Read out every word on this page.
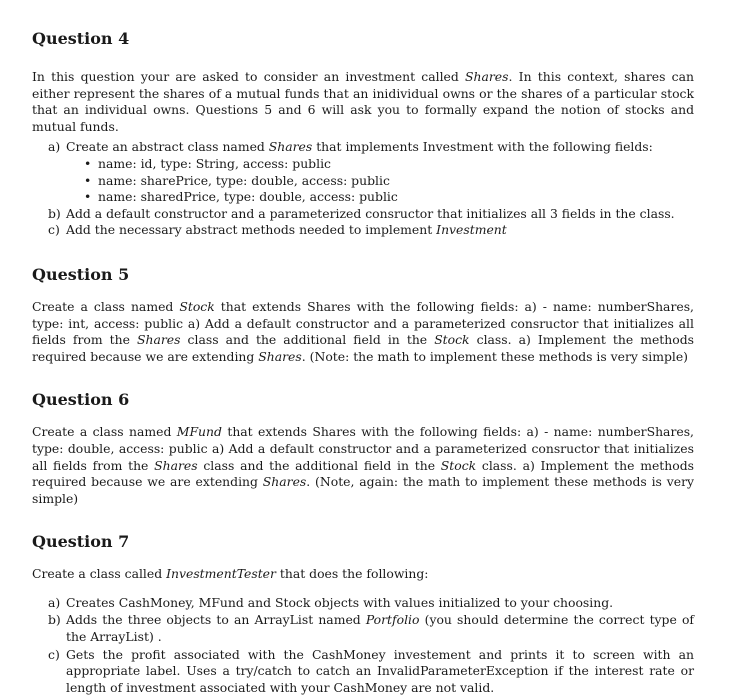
Question 4

In this question your are asked to consider an investment called Shares. In this context, shares can either represent the shares of a mutual funds that an inidividual owns or the shares of a particular stock that an individual owns. Questions 5 and 6 will ask you to formally expand the notion of stocks and mutual funds.

a) Create an abstract class named Shares that implements Investment with the following fields:
• name: id, type: String, access: public
• name: sharePrice, type: double, access: public
• name: sharedPrice, type: double, access: public
b) Add a default constructor and a parameterized consructor that initializes all 3 fields in the class.
c) Add the necessary abstract methods needed to implement Investment
Question 5

Create a class named Stock that extends Shares with the following fields: a) - name: numberShares, type: int, access: public a) Add a default constructor and a parameterized consructor that initializes all fields from the Shares class and the additional field in the Stock class. a) Implement the methods required because we are extending Shares. (Note: the math to implement these methods is very simple)

Question 6

Create a class named MFund that extends Shares with the following fields: a) - name: numberShares, type: double, access: public a) Add a default constructor and a parameterized consructor that initializes all fields from the Shares class and the additional field in the Stock class. a) Implement the methods required because we are extending Shares. (Note, again: the math to implement these methods is very simple)

Question 7

Create a class called InvestmentTester that does the following:

a) Creates CashMoney, MFund and Stock objects with values initialized to your choosing.
b) Adds the three objects to an ArrayList named Portfolio (you should determine the correct type of the ArrayList) .
c) Gets the profit associated with the CashMoney investement and prints it to screen with an appropriate label. Uses a try/catch to catch an InvalidParameterException if the interest rate or length of investment associated with your CashMoney are not valid.
